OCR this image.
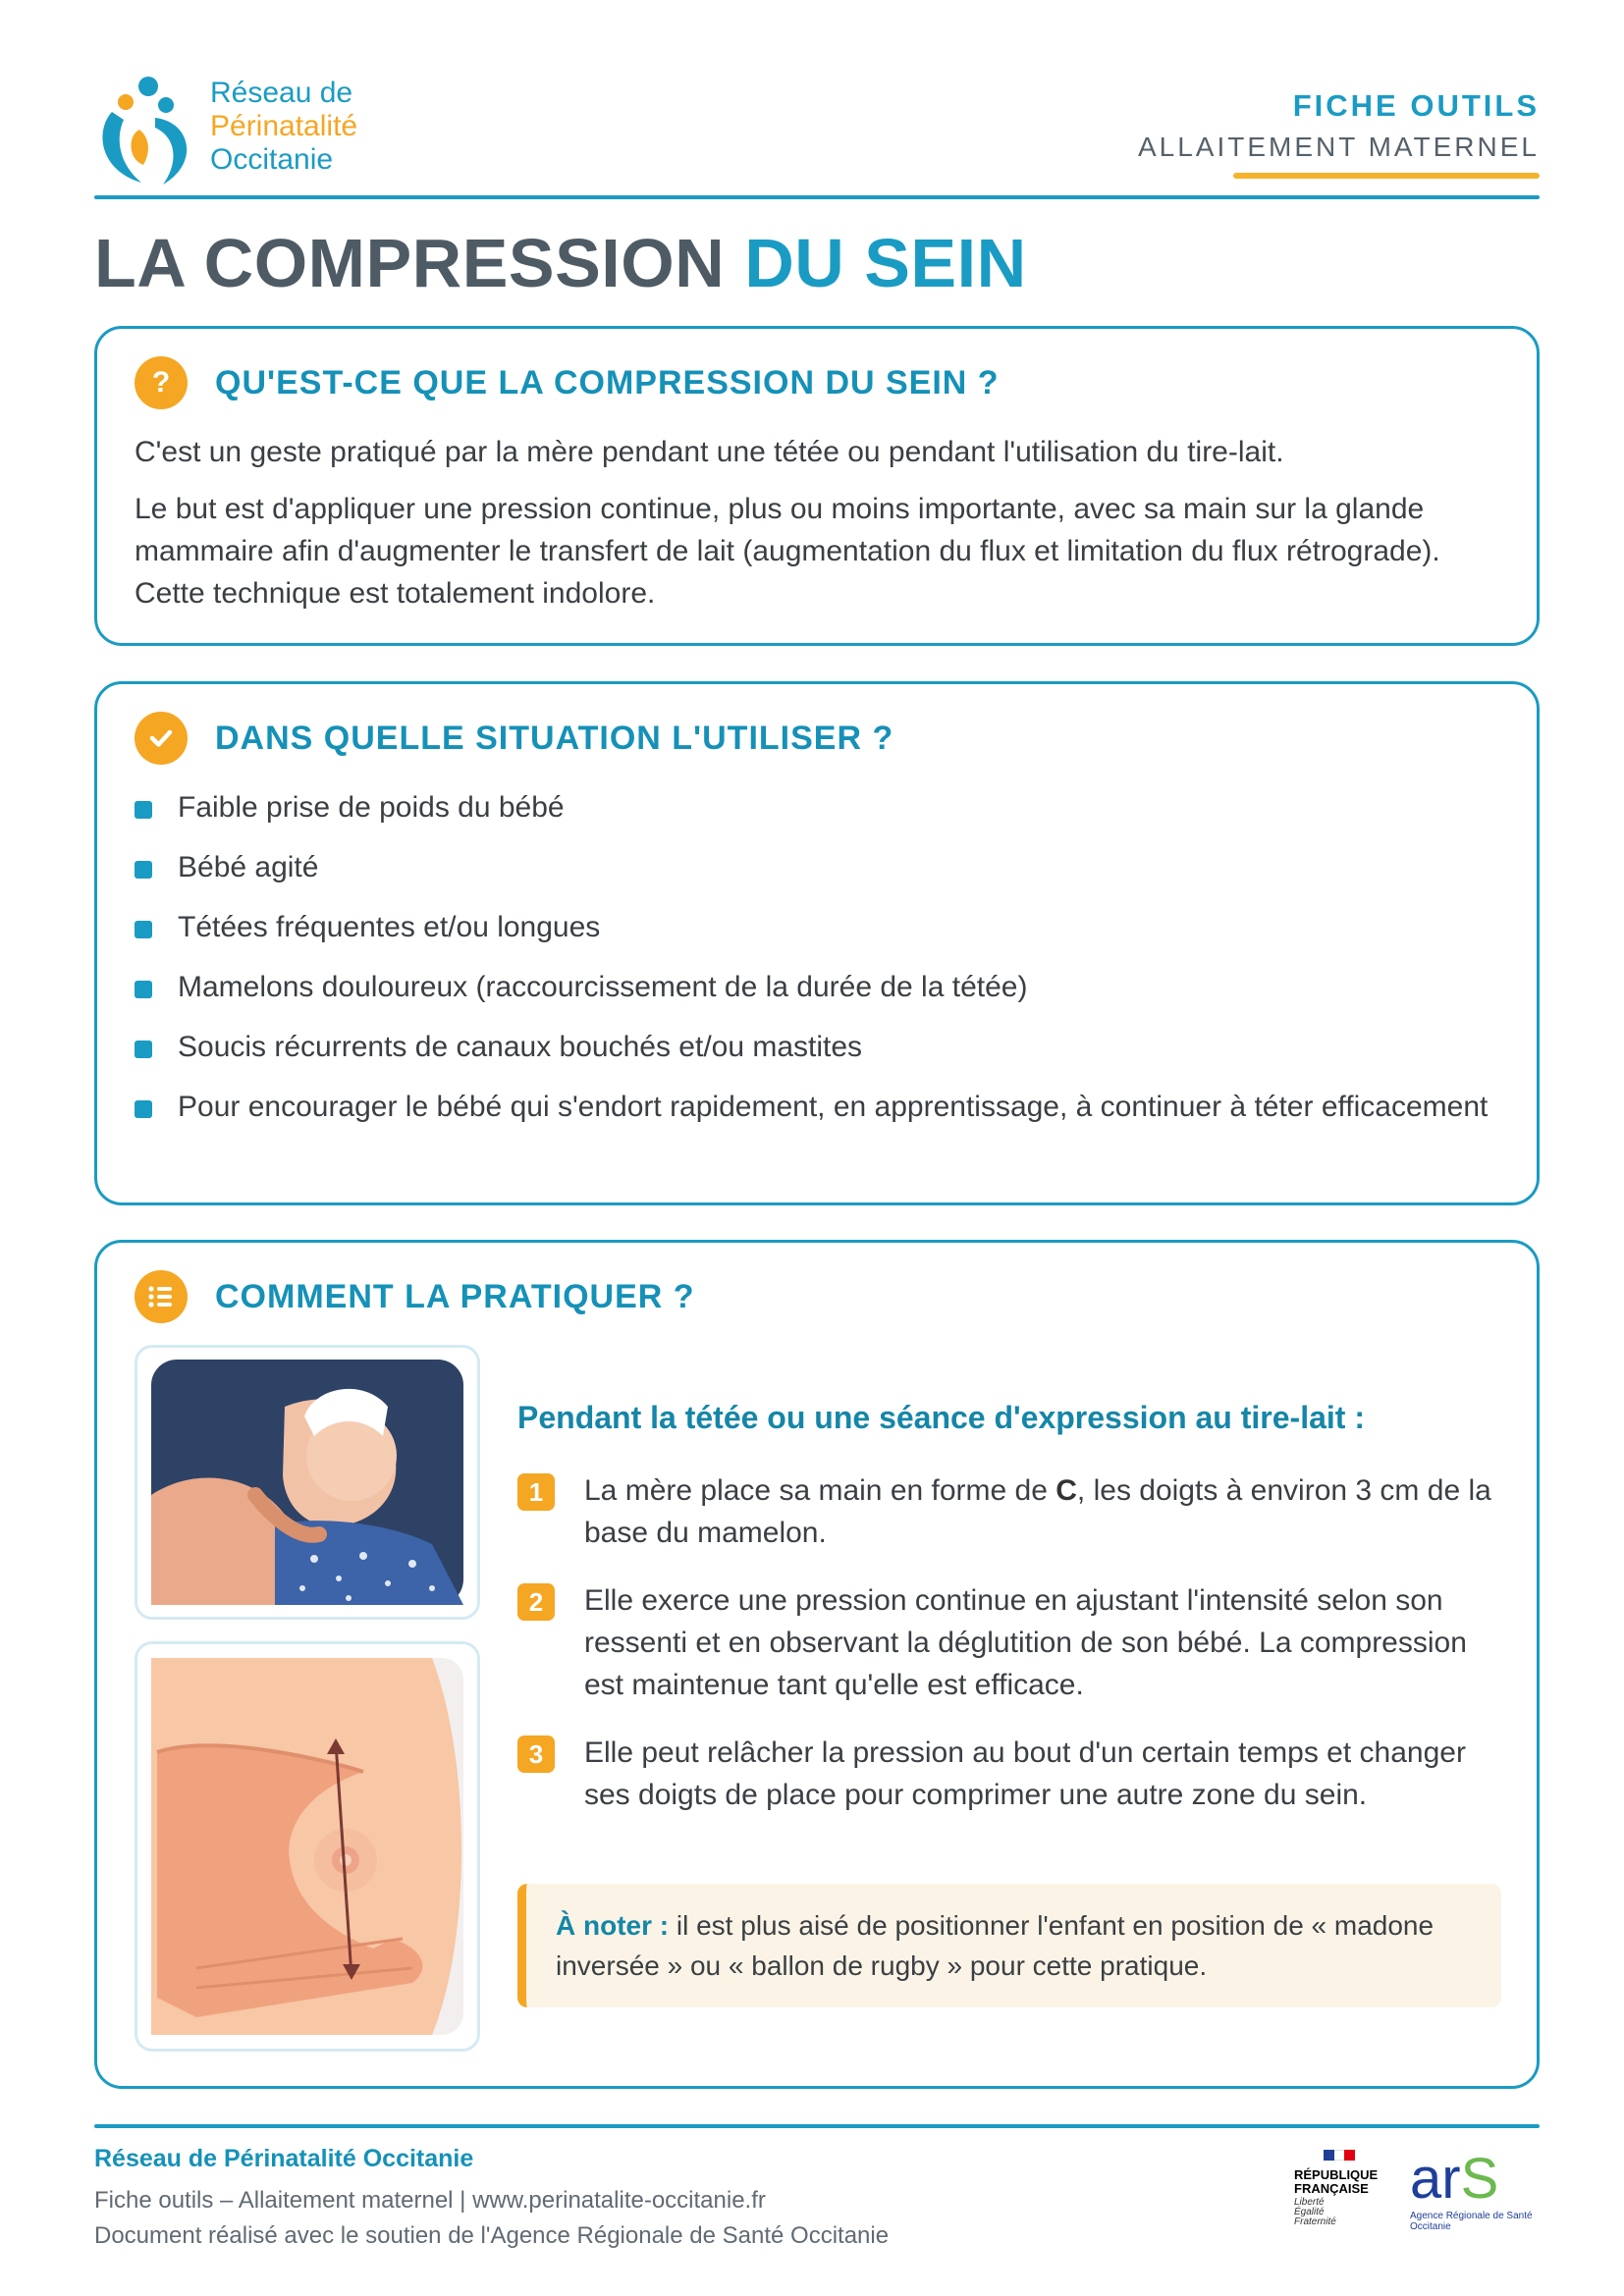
Réseau de
Périnatalité
Occitanie
FICHE OUTILS
ALLAITEMENT MATERNEL
LA COMPRESSION DU SEIN
?	QU'EST-CE QUE LA COMPRESSION DU SEIN ?

C'est un geste pratiqué par la mère pendant une tétée ou pendant l'utilisation du tire-lait.

Le but est d'appliquer une pression continue, plus ou moins importante, avec sa main sur la glande mammaire afin d'augmenter le transfert de lait (augmentation du flux et limitation du flux rétrograde). Cette technique est totalement indolore.

DANS QUELLE SITUATION L'UTILISER ?
Faible prise de poids du bébé
Bébé agité
Tétées fréquentes et/ou longues
Mamelons douloureux (raccourcissement de la durée de la tétée)
Soucis récurrents de canaux bouchés et/ou mastites
Pour encourager le bébé qui s'endort rapidement, en apprentissage, à continuer à téter efficacement
COMMENT LA PRATIQUER ?
Pendant la tétée ou une séance d'expression au tire-lait :
1	La mère place sa main en forme de C, les doigts à environ 3 cm de la base du mamelon.
2	Elle exerce une pression continue en ajustant l'intensité selon son ressenti et en observant la déglutition de son bébé. La compression est maintenue tant qu'elle est efficace.
3	Elle peut relâcher la pression au bout d'un certain temps et changer ses doigts de place pour comprimer une autre zone du sein.
À noter : il est plus aisé de positionner l'enfant en position de « madone inversée » ou « ballon de rugby » pour cette pratique.
Réseau de Périnatalité Occitanie
Fiche outils – Allaitement maternel | www.perinatalite-occitanie.fr
Document réalisé avec le soutien de l'Agence Régionale de Santé Occitanie
RÉPUBLIQUE
FRANÇAISE
Liberté
Égalité
Fraternité
arS
Agence Régionale de Santé Occitanie
